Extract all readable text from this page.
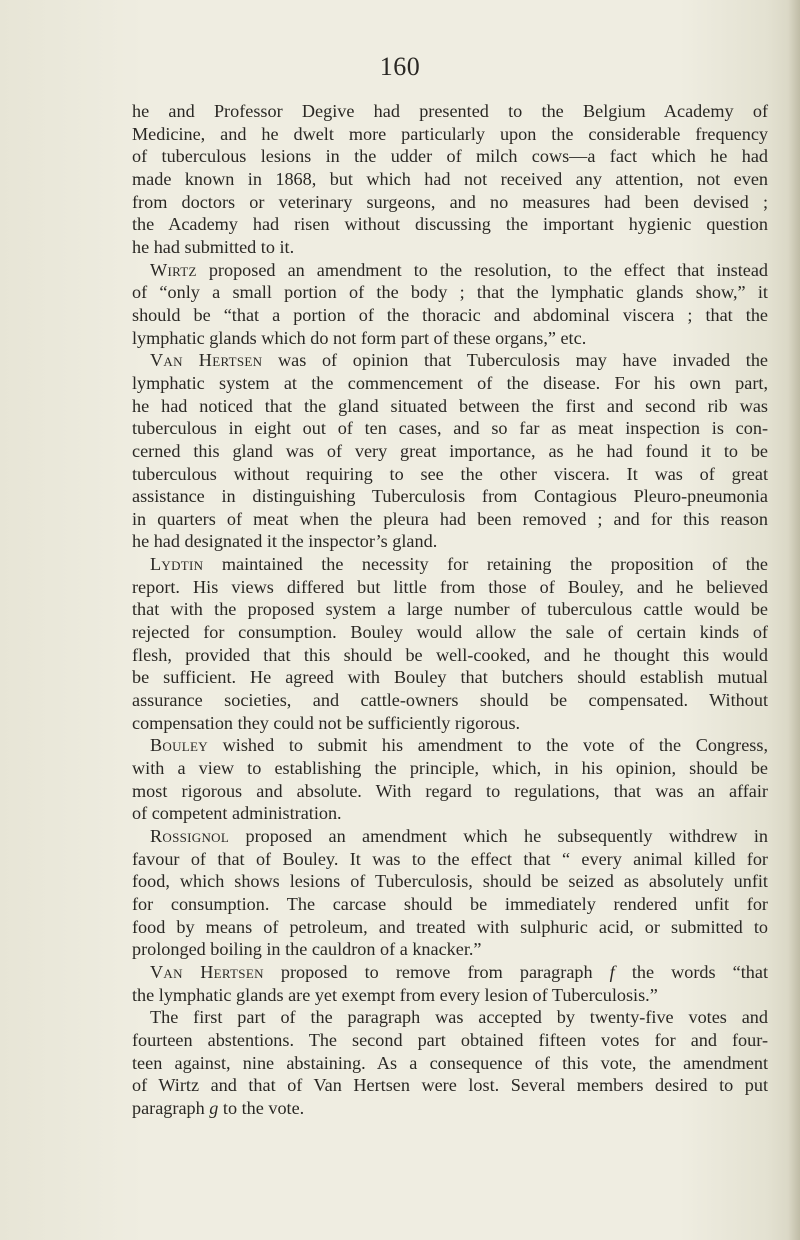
160
he and Professor Degive had presented to the Belgium Academy of
Medicine, and he dwelt more particularly upon the considerable frequency
of tuberculous lesions in the udder of milch cows—a fact which he had
made known in 1868, but which had not received any attention, not even
from doctors or veterinary surgeons, and no measures had been devised ;
the Academy had risen without discussing the important hygienic question
he had submitted to it.
Wirtz proposed an amendment to the resolution, to the effect that instead
of “only a small portion of the body ; that the lymphatic glands show,” it
should be “that a portion of the thoracic and abdominal viscera ; that the
lymphatic glands which do not form part of these organs,” etc.
Van Hertsen was of opinion that Tuberculosis may have invaded the
lymphatic system at the commencement of the disease. For his own part,
he had noticed that the gland situated between the first and second rib was
tuberculous in eight out of ten cases, and so far as meat inspection is con-
cerned this gland was of very great importance, as he had found it to be
tuberculous without requiring to see the other viscera. It was of great
assistance in distinguishing Tuberculosis from Contagious Pleuro-pneumonia
in quarters of meat when the pleura had been removed ; and for this reason
he had designated it the inspector’s gland.
Lydtin maintained the necessity for retaining the proposition of the
report. His views differed but little from those of Bouley, and he believed
that with the proposed system a large number of tuberculous cattle would be
rejected for consumption. Bouley would allow the sale of certain kinds of
flesh, provided that this should be well-cooked, and he thought this would
be sufficient. He agreed with Bouley that butchers should establish mutual
assurance societies, and cattle-owners should be compensated. Without
compensation they could not be sufficiently rigorous.
Bouley wished to submit his amendment to the vote of the Congress,
with a view to establishing the principle, which, in his opinion, should be
most rigorous and absolute. With regard to regulations, that was an affair
of competent administration.
Rossignol proposed an amendment which he subsequently withdrew in
favour of that of Bouley. It was to the effect that “ every animal killed for
food, which shows lesions of Tuberculosis, should be seized as absolutely unfit
for consumption. The carcase should be immediately rendered unfit for
food by means of petroleum, and treated with sulphuric acid, or submitted to
prolonged boiling in the cauldron of a knacker.”
Van Hertsen proposed to remove from paragraph f the words “that
the lymphatic glands are yet exempt from every lesion of Tuberculosis.”
The first part of the paragraph was accepted by twenty-five votes and
fourteen abstentions. The second part obtained fifteen votes for and four-
teen against, nine abstaining. As a consequence of this vote, the amendment
of Wirtz and that of Van Hertsen were lost. Several members desired to put
paragraph g to the vote.
